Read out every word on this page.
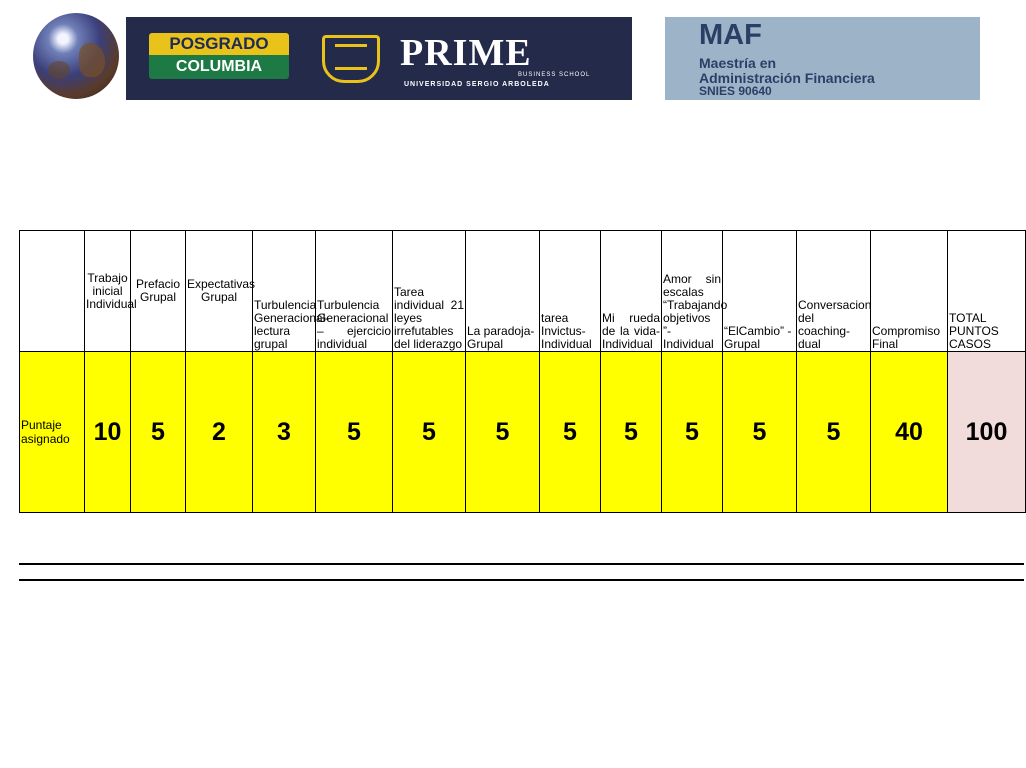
POSGRADO
COLUMBIA	PRIME
BUSINESS SCHOOL
UNIVERSIDAD SERGIO ARBOLEDA
MAF
Maestría en
Administración Financiera
SNIES 90640
	Trabajo inicial Individual	Prefacio Grupal	Expectativas Grupal	Turbulencia Generacional- lectura grupal	Turbulencia Generacional – ejercicio individual	Tarea individual 21 leyes irrefutables del liderazgo	La paradoja- Grupal	tarea Invictus- Individual	Mi rueda de la vida- Individual	Amor sin escalas “Trabajando objetivos ”- Individual	“ElCambio” - Grupal	Conversacion del coaching- dual	Compromiso Final	TOTAL PUNTOS CASOS
Puntaje asignado	10	5	2	3	5	5	5	5	5	5	5	5	40	100
